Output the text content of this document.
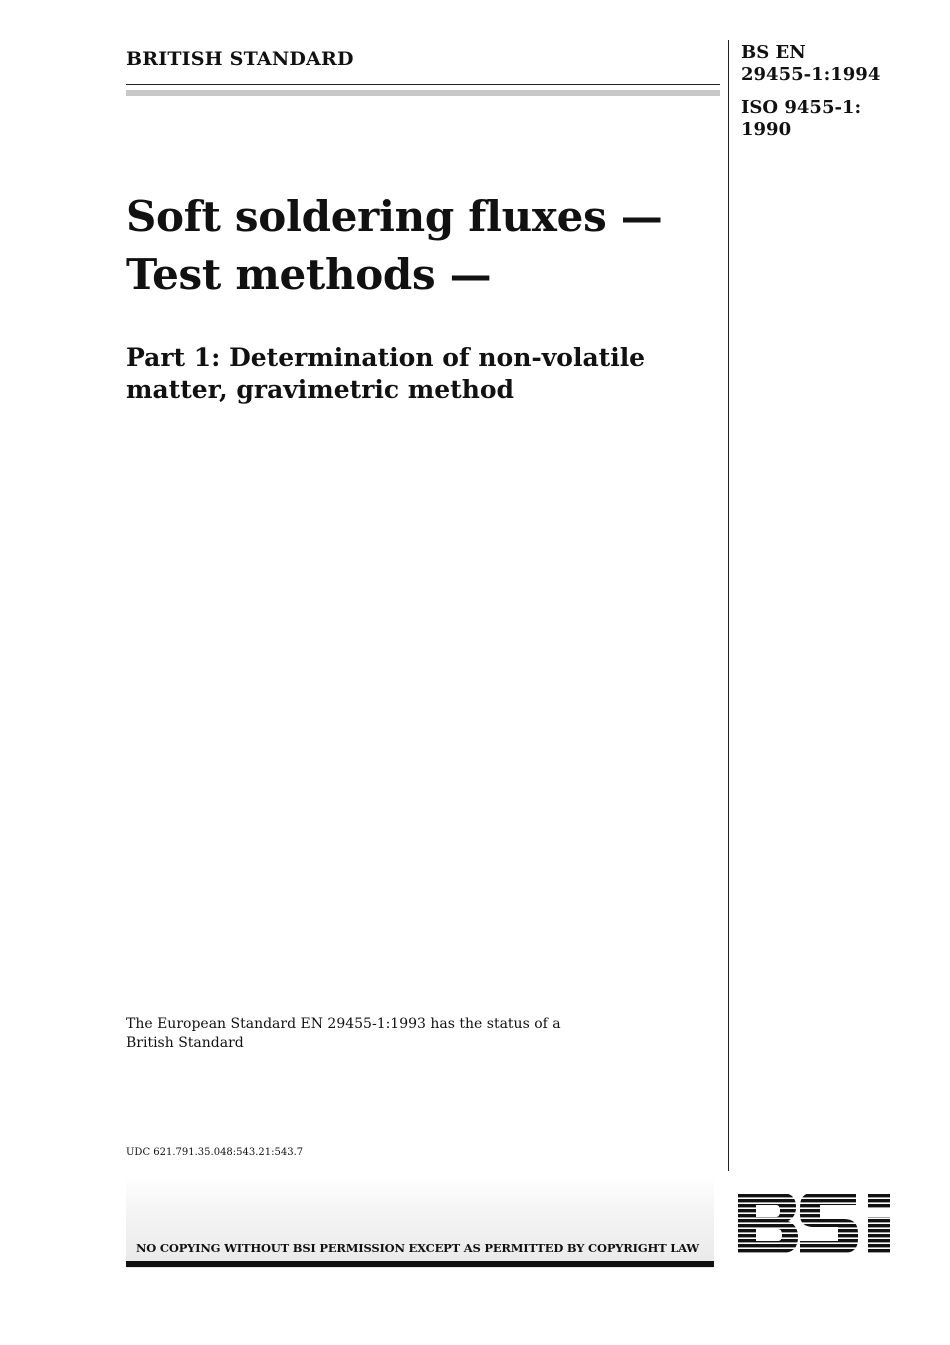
BRITISH STANDARD	BS EN
29455-1:1994
ISO 9455-1:
1990
Soft soldering fluxes —
Test methods —
Part 1: Determination of non-volatile
matter, gravimetric method
The European Standard EN 29455-1:1993 has the status of a
British Standard
UDC 621.791.35.048:543.21:543.7
NO COPYING WITHOUT BSI PERMISSION EXCEPT AS PERMITTED BY COPYRIGHT LAW
BSi
